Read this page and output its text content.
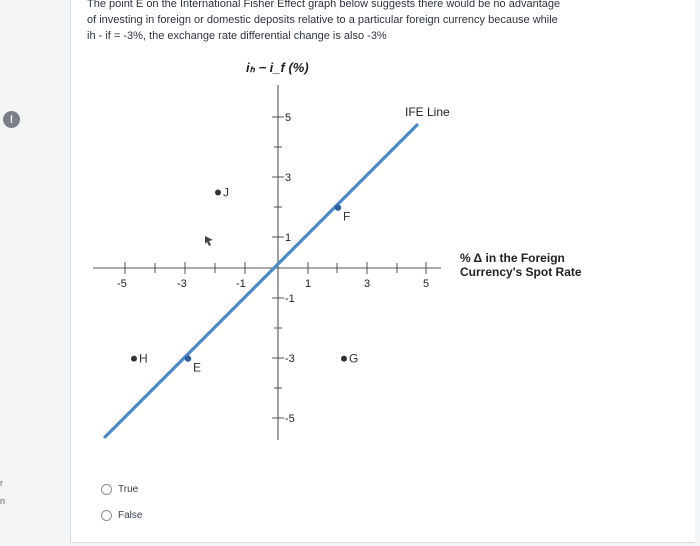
!
r
n

The point E on the International Fisher Effect graph below suggests there would be no advantage

of investing in foreign or domestic deposits relative to a particular foreign currency because while

ih - if = -3%, the exchange rate differential change is also -3%

iₕ − i_f (%)
IFE Line
% Δ in the Foreign
Currency's Spot Rate
-5	-3	-1	1	3	5
5
3
1
-1
-3
-5
J
F
H
E
G
True
False
